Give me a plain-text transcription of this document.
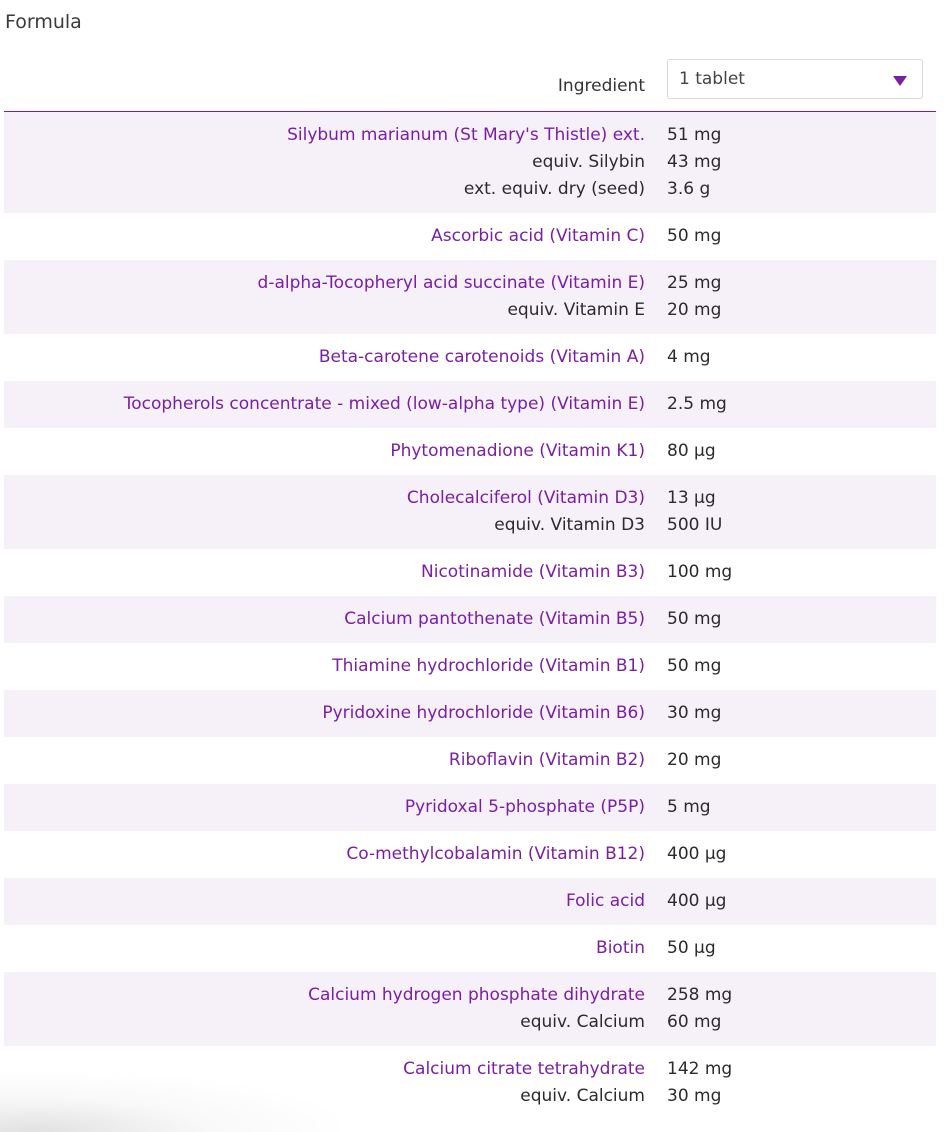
Formula
Ingredient 1 tablet
Silybum marianum (St Mary's Thistle) ext. 51 mg
equiv. Silybin 43 mg
ext. equiv. dry (seed) 3.6 g
Ascorbic acid (Vitamin C) 50 mg
d-alpha-Tocopheryl acid succinate (Vitamin E) 25 mg
equiv. Vitamin E 20 mg
Beta-carotene carotenoids (Vitamin A) 4 mg
Tocopherols concentrate - mixed (low-alpha type) (Vitamin E) 2.5 mg
Phytomenadione (Vitamin K1) 80 µg
Cholecalciferol (Vitamin D3) 13 µg
equiv. Vitamin D3 500 IU
Nicotinamide (Vitamin B3) 100 mg
Calcium pantothenate (Vitamin B5) 50 mg
Thiamine hydrochloride (Vitamin B1) 50 mg
Pyridoxine hydrochloride (Vitamin B6) 30 mg
Riboflavin (Vitamin B2) 20 mg
Pyridoxal 5-phosphate (P5P) 5 mg
Co-methylcobalamin (Vitamin B12) 400 µg
Folic acid 400 µg
Biotin 50 µg
Calcium hydrogen phosphate dihydrate 258 mg
equiv. Calcium 60 mg
Calcium citrate tetrahydrate 142 mg
equiv. Calcium 30 mg
